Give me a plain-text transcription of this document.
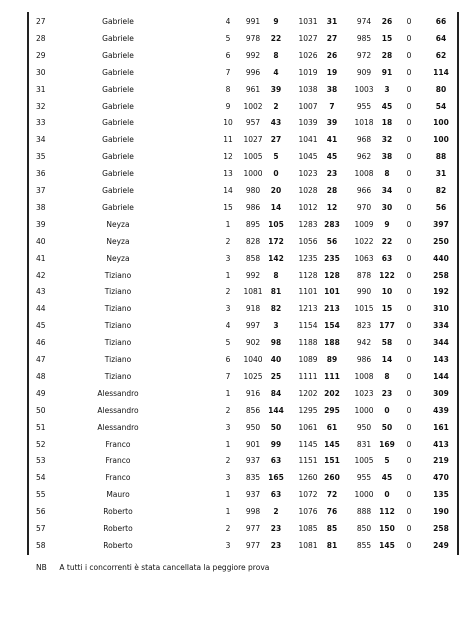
27	Gabriele	4	991	9	1031	31	974	26	0	66
28	Gabriele	5	978	22	1027	27	985	15	0	64
29	Gabriele	6	992	8	1026	26	972	28	0	62
30	Gabriele	7	996	4	1019	19	909	91	0	114
31	Gabriele	8	961	39	1038	38	1003	3	0	80
32	Gabriele	9	1002	2	1007	7	955	45	0	54
33	Gabriele	10	957	43	1039	39	1018	18	0	100
34	Gabriele	11	1027	27	1041	41	968	32	0	100
35	Gabriele	12	1005	5	1045	45	962	38	0	88
36	Gabriele	13	1000	0	1023	23	1008	8	0	31
37	Gabriele	14	980	20	1028	28	966	34	0	82
38	Gabriele	15	986	14	1012	12	970	30	0	56
39	Neyza	1	895	105	1283 283	1009	9	0	397
40	Neyza	2	828	172	1056	56	1022	22	0	250
41	Neyza	3	858	142	1235 235	1063	63	0	440
42	Tiziano	1	992	8	1128 128	878	122	0	258
43	Tiziano	2	1081	81	1101 101	990	10	0	192
44	Tiziano	3	918	82	1213 213	1015	15	0	310
45	Tiziano	4	997	3	1154 154	823	177	0	334
46	Tiziano	5	902	98	1188 188	942	58	0	344
47	Tiziano	6	1040	40	1089	89	986	14	0	143
48	Tiziano	7	1025	25	1111 111	1008	8	0	144
49	Alessandro	1	916	84	1202 202	1023	23	0	309
50	Alessandro	2	856	144	1295 295	1000	0	0	439
51	Alessandro	3	950	50	1061	61	950	50	0	161
52	Franco	1	901	99	1145 145	831	169	0	413
53	Franco	2	937	63	1151 151	1005	5	0	219
54	Franco	3	835	165	1260 260	955	45	0	470
55	Mauro	1	937	63	1072	72	1000	0	0	135
56	Roberto	1	998	2	1076	76	888	112	0	190
57	Roberto	2	977	23	1085	85	850	150	0	258
58	Roberto	3	977	23	1081	81	855	145	0	249
NB A tutti i concorrenti è stata cancellata la peggiore prova
